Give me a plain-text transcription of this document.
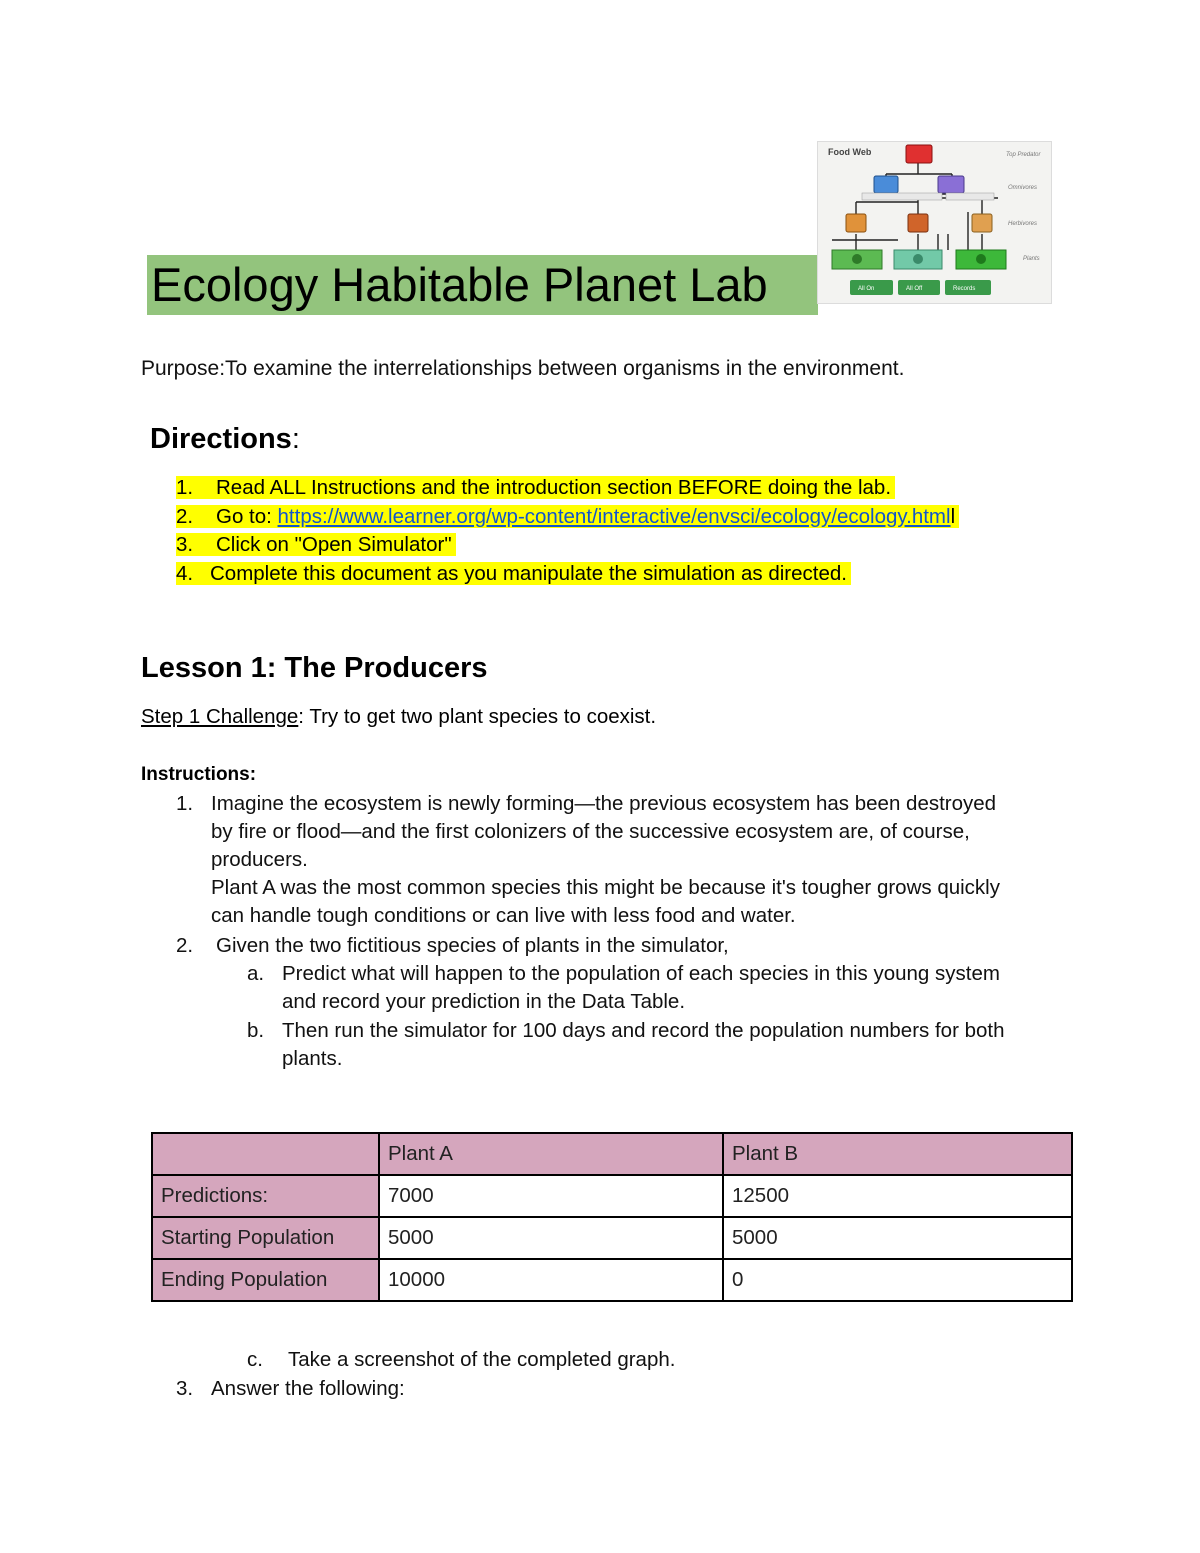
Ecology Habitable Planet Lab
Food Web	Top Predator
Omnivores
Herbivores
Plants
All On	All Off	Records
Purpose:To examine the interrelationships between organisms in the environment.
Directions:
1. Read ALL Instructions and the introduction section BEFORE doing the lab.
2. Go to: https://www.learner.org/wp-content/interactive/envsci/ecology/ecology.htmll
3. Click on "Open Simulator"
4. Complete this document as you manipulate the simulation as directed.
Lesson 1: The Producers
Step 1 Challenge: Try to get two plant species to coexist.
Instructions:
1. Imagine the ecosystem is newly forming—the previous ecosystem has been destroyed
by fire or flood—and the first colonizers of the successive ecosystem are, of course,
producers.
Plant A was the most common species this might be because it's tougher grows quickly
can handle tough conditions or can live with less food and water.
2. Given the two fictitious species of plants in the simulator,
a. Predict what will happen to the population of each species in this young system
and record your prediction in the Data Table.
b. Then run the simulator for 100 days and record the population numbers for both
plants.
	Plant A	Plant B
Predictions:	7000	12500
Starting Population	5000	5000
Ending Population	10000	0
c. Take a screenshot of the completed graph.
3. Answer the following:
